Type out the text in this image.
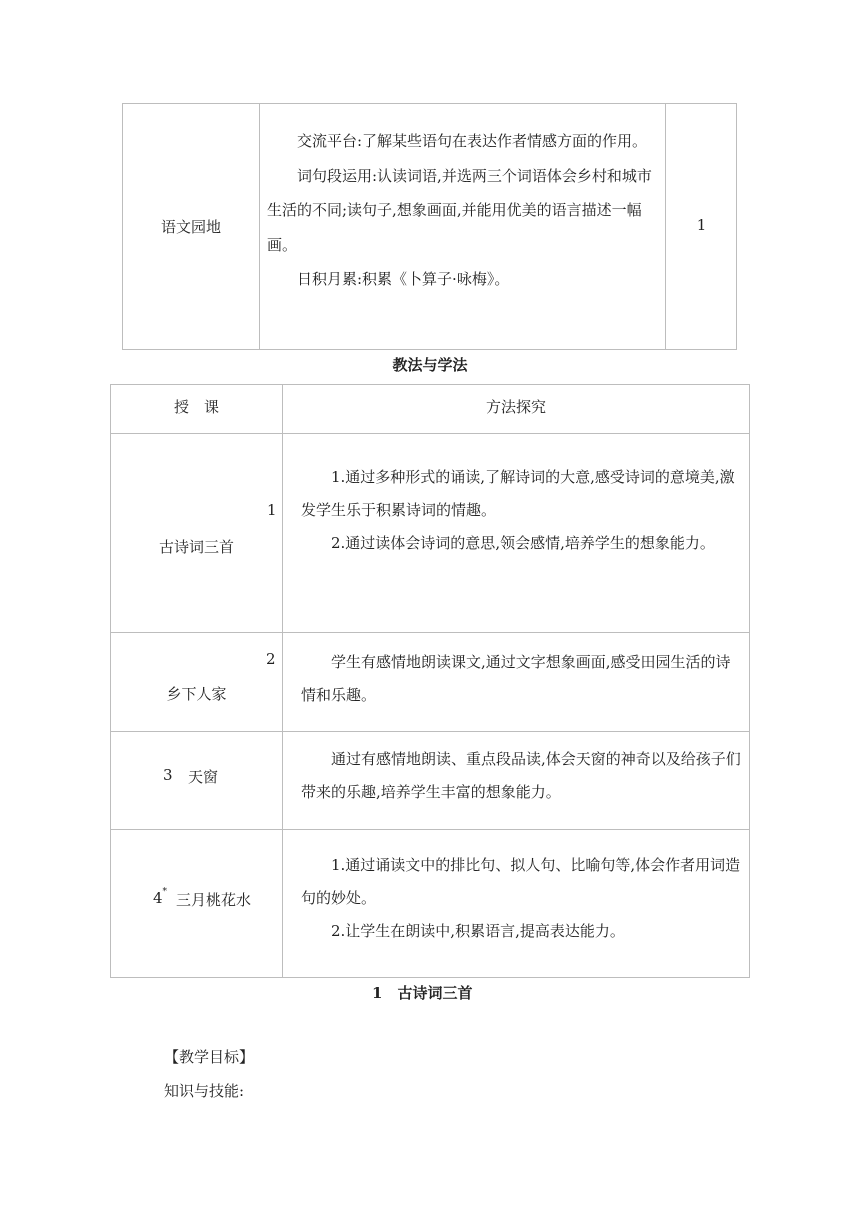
语文园地

交流平台:了解某些语句在表达作者情感方面的作用。

词句段运用:认读词语,并选两三个词语体会乡村和城市生活的不同;读句子,想象画面,并能用优美的语言描述一幅画。

日积月累:积累《卜算子·咏梅》。

1
教法与学法
授　课	方法探究
1
古诗词三首

1.通过多种形式的诵读,了解诗词的大意,感受诗词的意境美,激发学生乐于积累诗词的情趣。

2.通过读体会诗词的意思,领会感情,培养学生的想象能力。

2
乡下人家

学生有感情地朗读课文,通过文字想象画面,感受田园生活的诗情和乐趣。

3 天窗

通过有感情地朗读、重点段品读,体会天窗的神奇以及给孩子们带来的乐趣,培养学生丰富的想象能力。

4* 三月桃花水

1.通过诵读文中的排比句、拟人句、比喻句等,体会作者用词造句的妙处。

2.让学生在朗读中,积累语言,提高表达能力。

1　 古诗词三首
【教学目标】
知识与技能:
